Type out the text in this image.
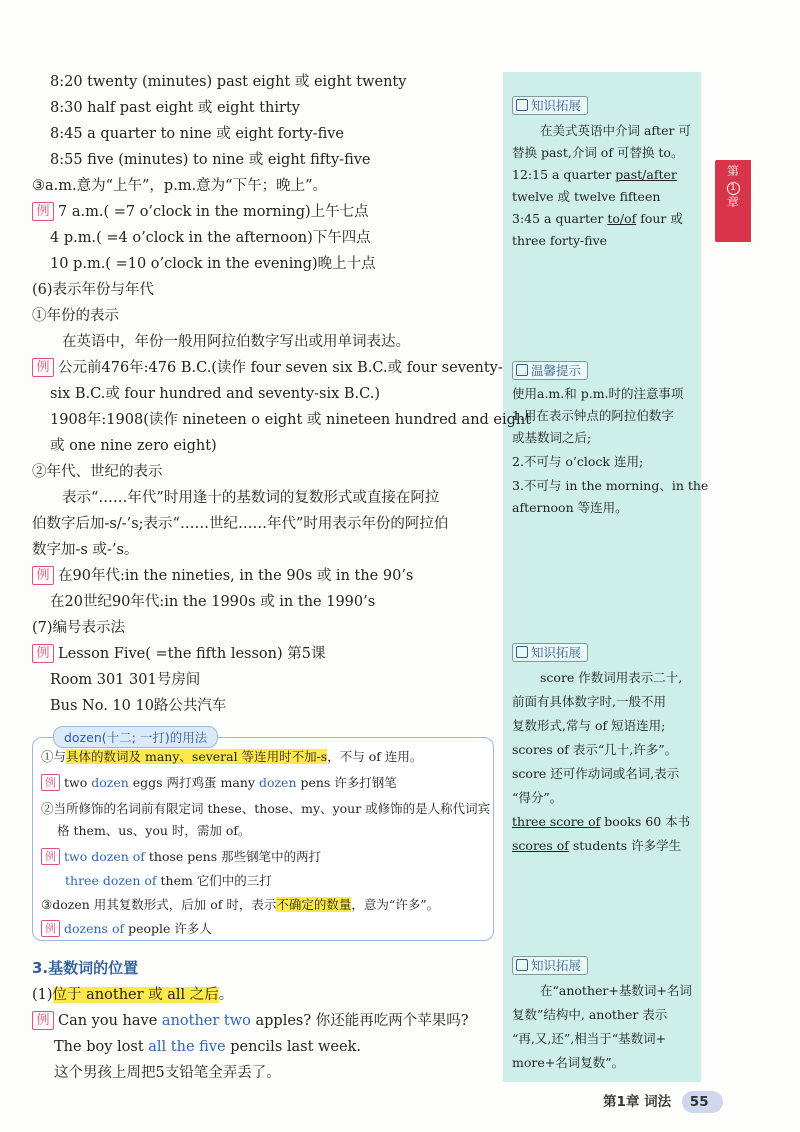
8:20 twenty (minutes) past eight 或 eight twenty
8:30 half past eight 或 eight thirty
8:45 a quarter to nine 或 eight forty-five
8:55 five (minutes) to nine 或 eight fifty-five
③a.m.意为“上午”，p.m.意为“下午；晚上”。
例 7 a.m.( =7 o’clock in the morning)上午七点
4 p.m.( =4 o’clock in the afternoon)下午四点
10 p.m.( =10 o’clock in the evening)晚上十点
(6)表示年份与年代
①年份的表示
在英语中，年份一般用阿拉伯数字写出或用单词表达。
例 公元前476年:476 B.C.(读作 four seven six B.C.或 four seventy-
six B.C.或 four hundred and seventy-six B.C.)
1908年:1908(读作 nineteen o eight 或 nineteen hundred and eight
或 one nine zero eight)
②年代、世纪的表示
表示“……年代”时用逢十的基数词的复数形式或直接在阿拉
伯数字后加-s/-’s;表示“……世纪……年代”时用表示年份的阿拉伯
数字加-s 或-’s。
例 在90年代:in the nineties, in the 90s 或 in the 90’s
在20世纪90年代:in the 1990s 或 in the 1990’s
(7)编号表示法
例 Lesson Five( =the fifth lesson) 第5课
Room 301 301号房间
Bus No. 10 10路公共汽车
dozen(十二; 一打)的用法
①与具体的数词及 many、several 等连用时不加-s，不与 of 连用。
例 two dozen eggs 两打鸡蛋 many dozen pens 许多打钢笔
②当所修饰的名词前有限定词 these、those、my、your 或修饰的是人称代词宾
格 them、us、you 时，需加 of。
例 two dozen of those pens 那些钢笔中的两打
three dozen of them 它们中的三打
③dozen 用其复数形式，后加 of 时，表示不确定的数量，意为“许多”。
例 dozens of people 许多人
3.基数词的位置
(1)位于 another 或 all 之后。
例 Can you have another two apples? 你还能再吃两个苹果吗?
The boy lost all the five pencils last week.
这个男孩上周把5支铅笔全弄丢了。
知识拓展
在美式英语中介词 after 可
替换 past,介词 of 可替换 to。
12:15 a quarter past/after
twelve 或 twelve fifteen
3:45 a quarter to/of four 或
three forty-five
温馨提示
使用a.m.和 p.m.时的注意事项
1.用在表示钟点的阿拉伯数字
或基数词之后;
2.不可与 o’clock 连用;
3.不可与 in the morning、in the
afternoon 等连用。
知识拓展
score 作数词用表示二十,
前面有具体数字时,一般不用
复数形式,常与 of 短语连用;
scores of 表示“几十,许多”。
score 还可作动词或名词,表示
“得分”。
three score of books 60 本书
scores of students 许多学生
知识拓展
在“another+基数词+名词
复数”结构中, another 表示
“再,又,还”,相当于“基数词+
more+名词复数”。
第
1
章
第1章 词法 55
